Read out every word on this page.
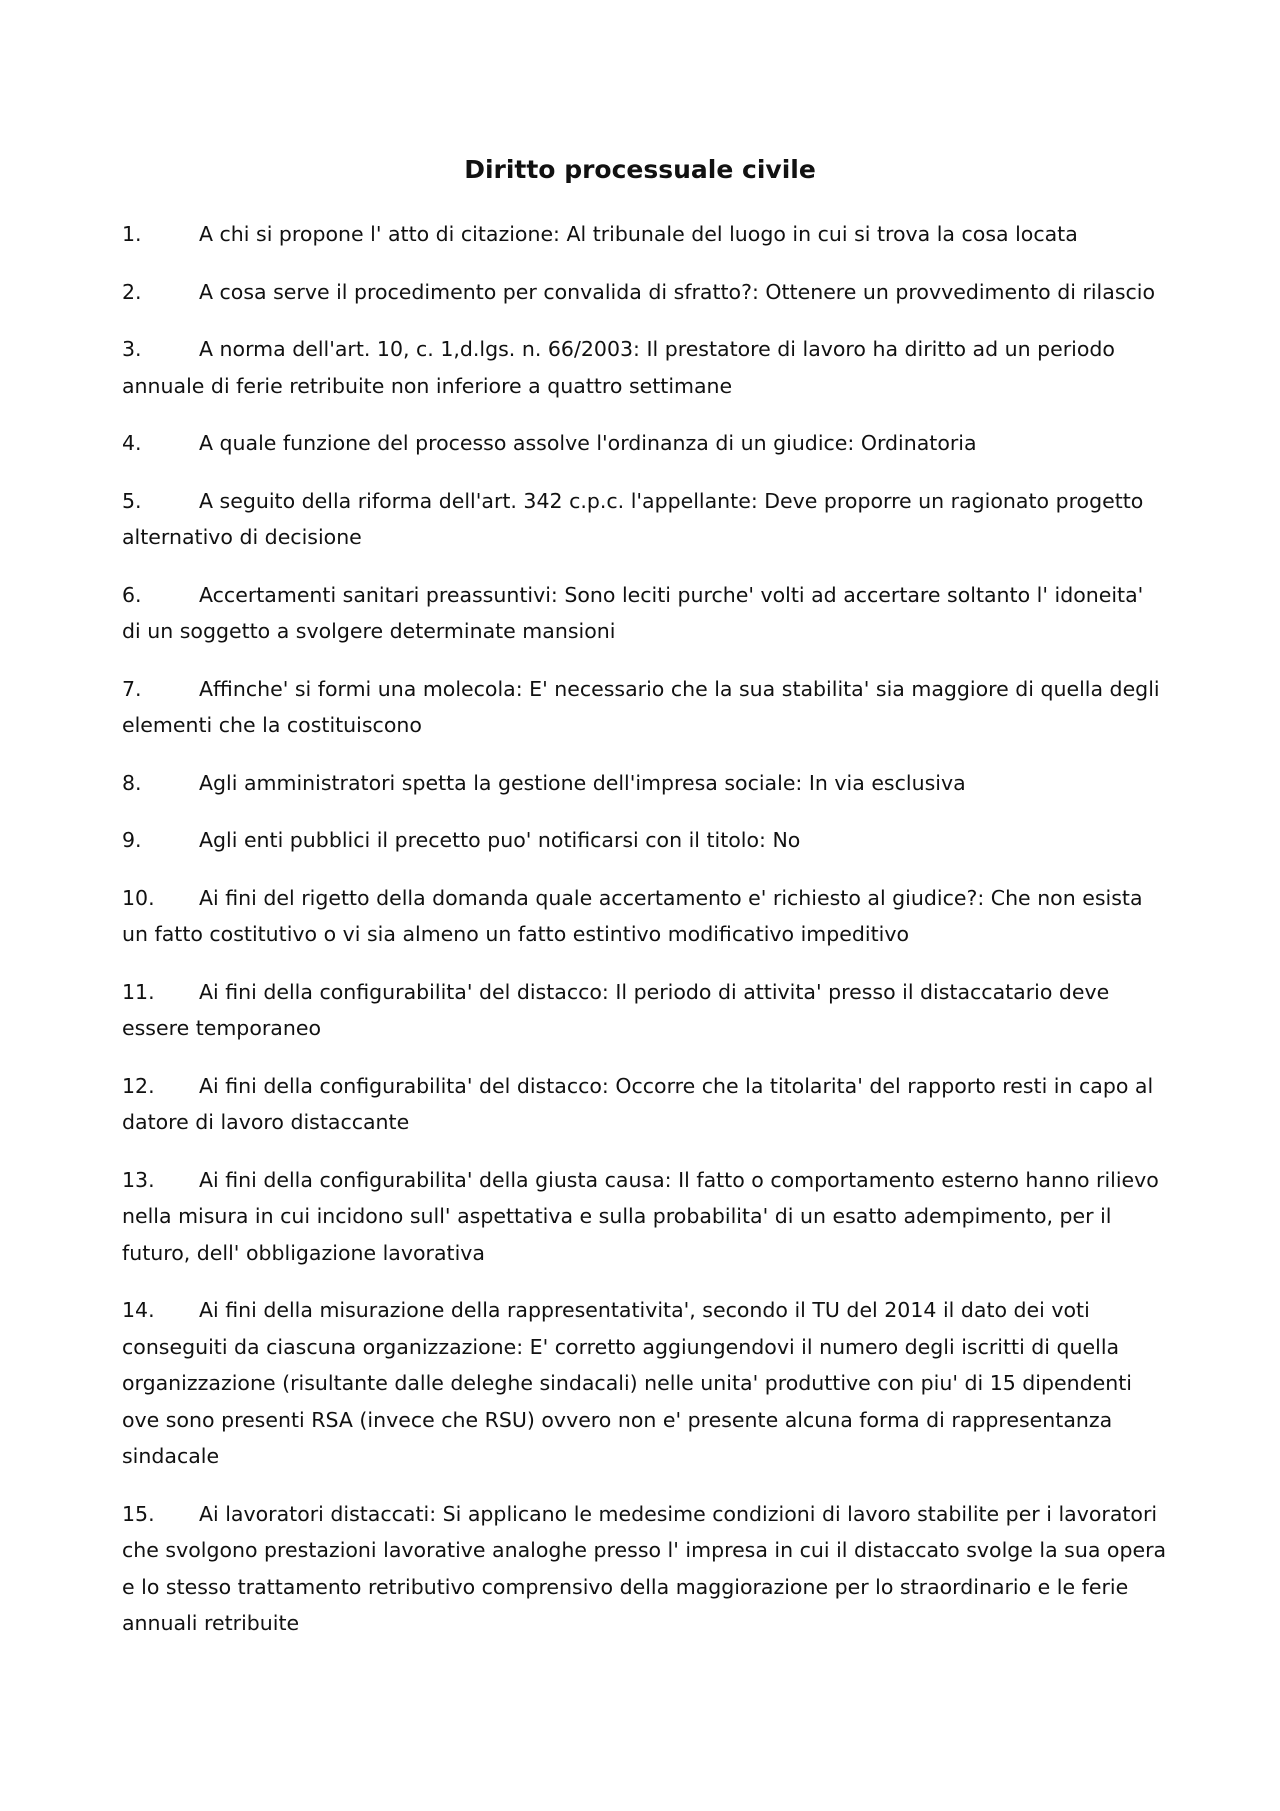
Diritto processuale civile
1.	A chi si propone l' atto di citazione: Al tribunale del luogo in cui si trova la cosa locata
2.	A cosa serve il procedimento per convalida di sfratto?: Ottenere un provvedimento di rilascio
3.	A norma dell'art. 10, c. 1,d.lgs. n. 66/2003: Il prestatore di lavoro ha diritto ad un periodo annuale di ferie retribuite non inferiore a quattro settimane
4.	A quale funzione del processo assolve l'ordinanza di un giudice: Ordinatoria
5.	A seguito della riforma dell'art. 342 c.p.c. l'appellante: Deve proporre un ragionato progetto alternativo di decisione
6.	Accertamenti sanitari preassuntivi: Sono leciti purche' volti ad accertare soltanto l' idoneita' di un soggetto a svolgere determinate mansioni
7.	Affinche' si formi una molecola: E' necessario che la sua stabilita' sia maggiore di quella degli elementi che la costituiscono
8.	Agli amministratori spetta la gestione dell'impresa sociale: In via esclusiva
9.	Agli enti pubblici il precetto puo' notificarsi con il titolo: No
10. Ai fini del rigetto della domanda quale accertamento e' richiesto al giudice?: Che non esista un fatto costitutivo o vi sia almeno un fatto estintivo modificativo impeditivo
11. Ai fini della configurabilita' del distacco: Il periodo di attivita' presso il distaccatario deve essere temporaneo
12. Ai fini della configurabilita' del distacco: Occorre che la titolarita' del rapporto resti in capo al datore di lavoro distaccante
13. Ai fini della configurabilita' della giusta causa: Il fatto o comportamento esterno hanno rilievo nella misura in cui incidono sull' aspettativa e sulla probabilita' di un esatto adempimento, per il futuro, dell' obbligazione lavorativa
14. Ai fini della misurazione della rappresentativita', secondo il TU del 2014 il dato dei voti conseguiti da ciascuna organizzazione: E' corretto aggiungendovi il numero degli iscritti di quella organizzazione (risultante dalle deleghe sindacali) nelle unita' produttive con piu' di 15 dipendenti ove sono presenti RSA (invece che RSU) ovvero non e' presente alcuna forma di rappresentanza sindacale
15. Ai lavoratori distaccati: Si applicano le medesime condizioni di lavoro stabilite per i lavoratori che svolgono prestazioni lavorative analoghe presso l' impresa in cui il distaccato svolge la sua opera e lo stesso trattamento retributivo comprensivo della maggiorazione per lo straordinario e le ferie annuali retribuite
